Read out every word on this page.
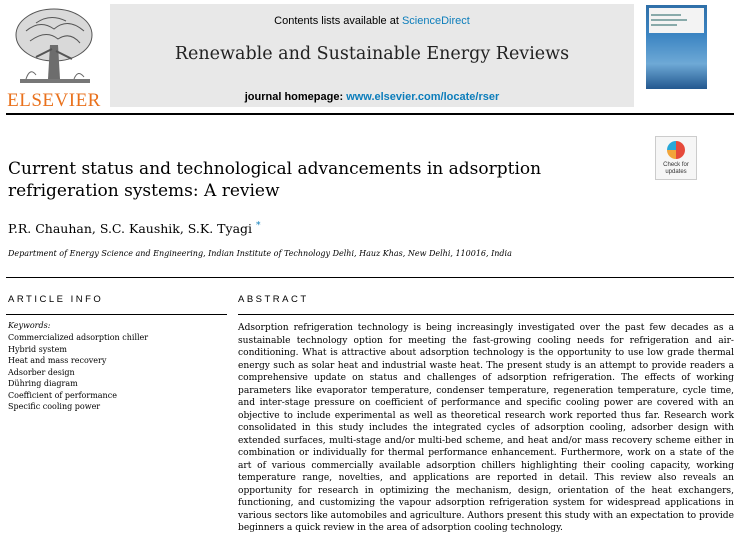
ELSEVIER
Contents lists available at ScienceDirect
Renewable and Sustainable Energy Reviews
journal homepage: www.elsevier.com/locate/rser
Current status and technological advancements in adsorption refrigeration systems: A review
Check for updates
P.R. Chauhan, S.C. Kaushik, S.K. Tyagi *
Department of Energy Science and Engineering, Indian Institute of Technology Delhi, Hauz Khas, New Delhi, 110016, India
ARTICLE INFO
Keywords:
Commercialized adsorption chiller
Hybrid system
Heat and mass recovery
Adsorber design
Dühring diagram
Coefficient of performance
Specific cooling power
ABSTRACT

Adsorption refrigeration technology is being increasingly investigated over the past few decades as a sustainable technology option for meeting the fast-growing cooling needs for refrigeration and air-conditioning. What is attractive about adsorption technology is the opportunity to use low grade thermal energy such as solar heat and industrial waste heat. The present study is an attempt to provide readers a comprehensive update on status and challenges of adsorption refrigeration. The effects of working parameters like evaporator temperature, condenser temperature, regeneration temperature, cycle time, and inter-stage pressure on coefficient of performance and specific cooling power are covered with an objective to include experimental as well as theoretical research work reported thus far. Research work consolidated in this study includes the integrated cycles of adsorption cooling, adsorber design with extended surfaces, multi-stage and/or multi-bed scheme, and heat and/or mass recovery scheme either in combination or individually for thermal performance enhancement. Furthermore, work on a state of the art of various commercially available adsorption chillers highlighting their cooling capacity, working temperature range, novelties, and applications are reported in detail. This review also reveals an opportunity for research in optimizing the mechanism, design, orientation of the heat exchangers, functioning, and customizing the vapour adsorption refrigeration system for widespread applications in various sectors like automobiles and agriculture. Authors present this study with an expectation to provide beginners a quick review in the area of adsorption cooling technology.
